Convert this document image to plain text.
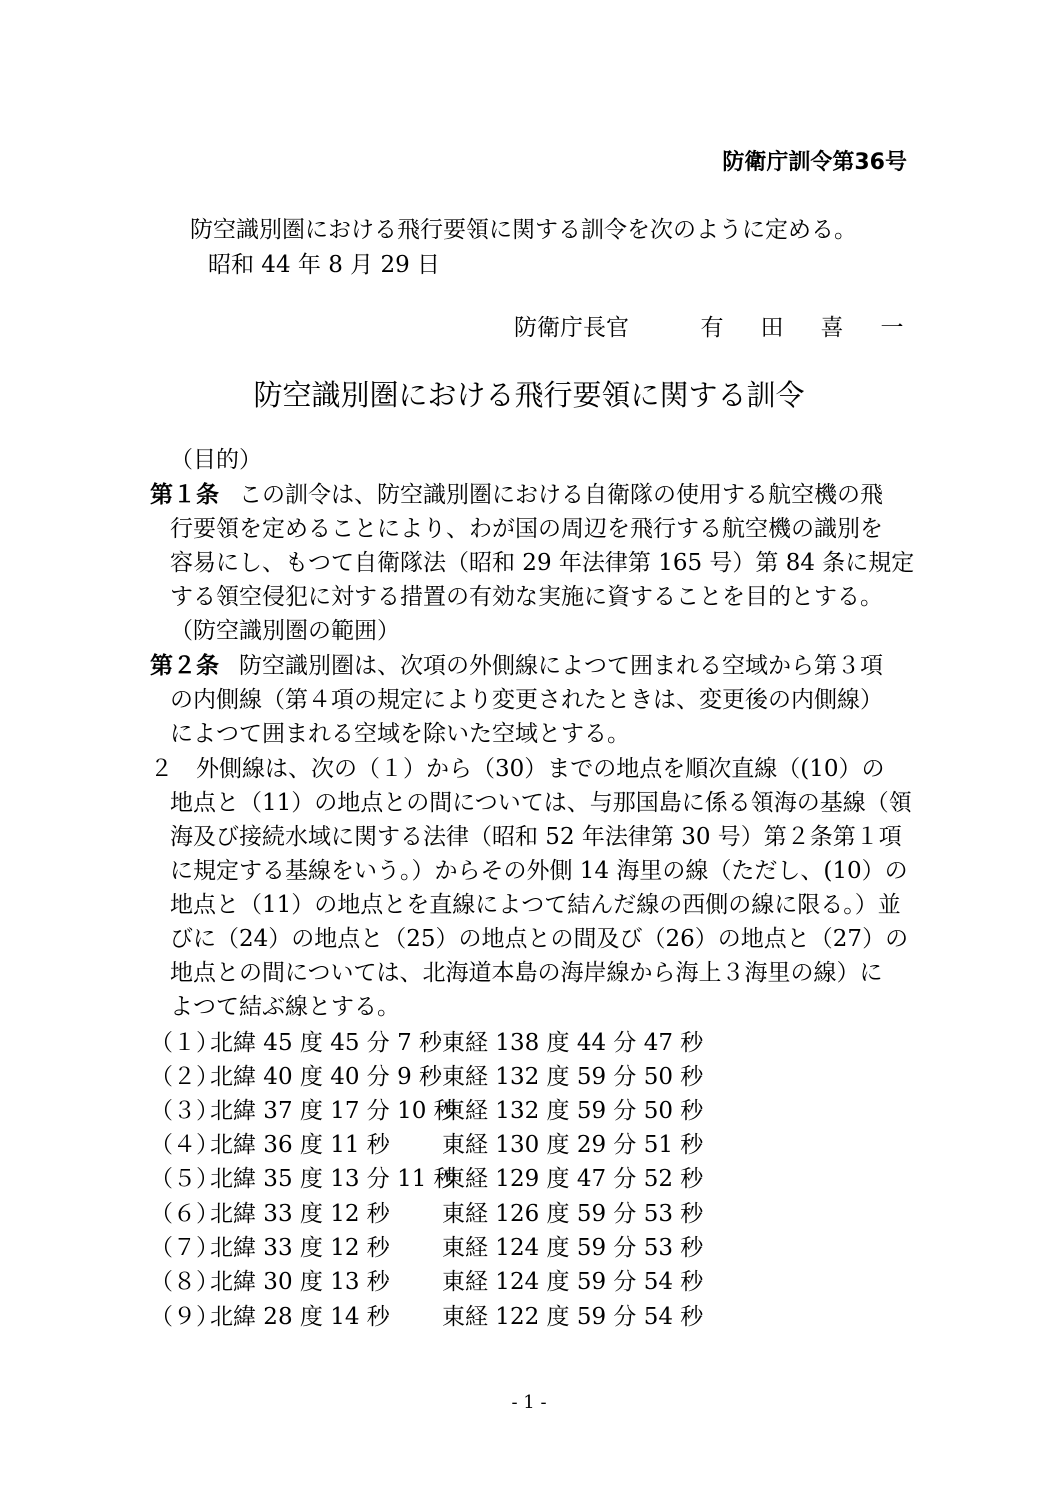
防衛庁訓令第36号
防空識別圏における飛行要領に関する訓令を次のように定める。
昭和 44 年 8 月 29 日
防衛庁長官	有 田 喜 一
防空識別圏における飛行要領に関する訓令
（目的）
第１条 この訓令は、防空識別圏における自衛隊の使用する航空機の飛
行要領を定めることにより、わが国の周辺を飛行する航空機の識別を
容易にし、もつて自衛隊法（昭和 29 年法律第 165 号）第 84 条に規定
する領空侵犯に対する措置の有効な実施に資することを目的とする。
（防空識別圏の範囲）
第２条 防空識別圏は、次項の外側線によつて囲まれる空域から第３項
の内側線（第４項の規定により変更されたときは、変更後の内側線）
によつて囲まれる空域を除いた空域とする。
２　外側線は、次の（１）から（30）までの地点を順次直線（(10）の
地点と（11）の地点との間については、与那国島に係る領海の基線（領
海及び接続水域に関する法律（昭和 52 年法律第 30 号）第２条第１項
に規定する基線をいう。）からその外側 14 海里の線（ただし、(10）の
地点と（11）の地点とを直線によつて結んだ線の西側の線に限る。）並
びに（24）の地点と（25）の地点との間及び（26）の地点と（27）の
地点との間については、北海道本島の海岸線から海上３海里の線）に
よつて結ぶ線とする。
（１）北緯 45 度 45 分 7 秒東経 138 度 44 分 47 秒
（２）北緯 40 度 40 分 9 秒東経 132 度 59 分 50 秒
（３）北緯 37 度 17 分 10 秒東経 132 度 59 分 50 秒
（４）北緯 36 度 11 秒 東経 130 度 29 分 51 秒
（５）北緯 35 度 13 分 11 秒東経 129 度 47 分 52 秒
（６）北緯 33 度 12 秒 東経 126 度 59 分 53 秒
（７）北緯 33 度 12 秒 東経 124 度 59 分 53 秒
（８）北緯 30 度 13 秒 東経 124 度 59 分 54 秒
（９）北緯 28 度 14 秒 東経 122 度 59 分 54 秒
- 1 -
